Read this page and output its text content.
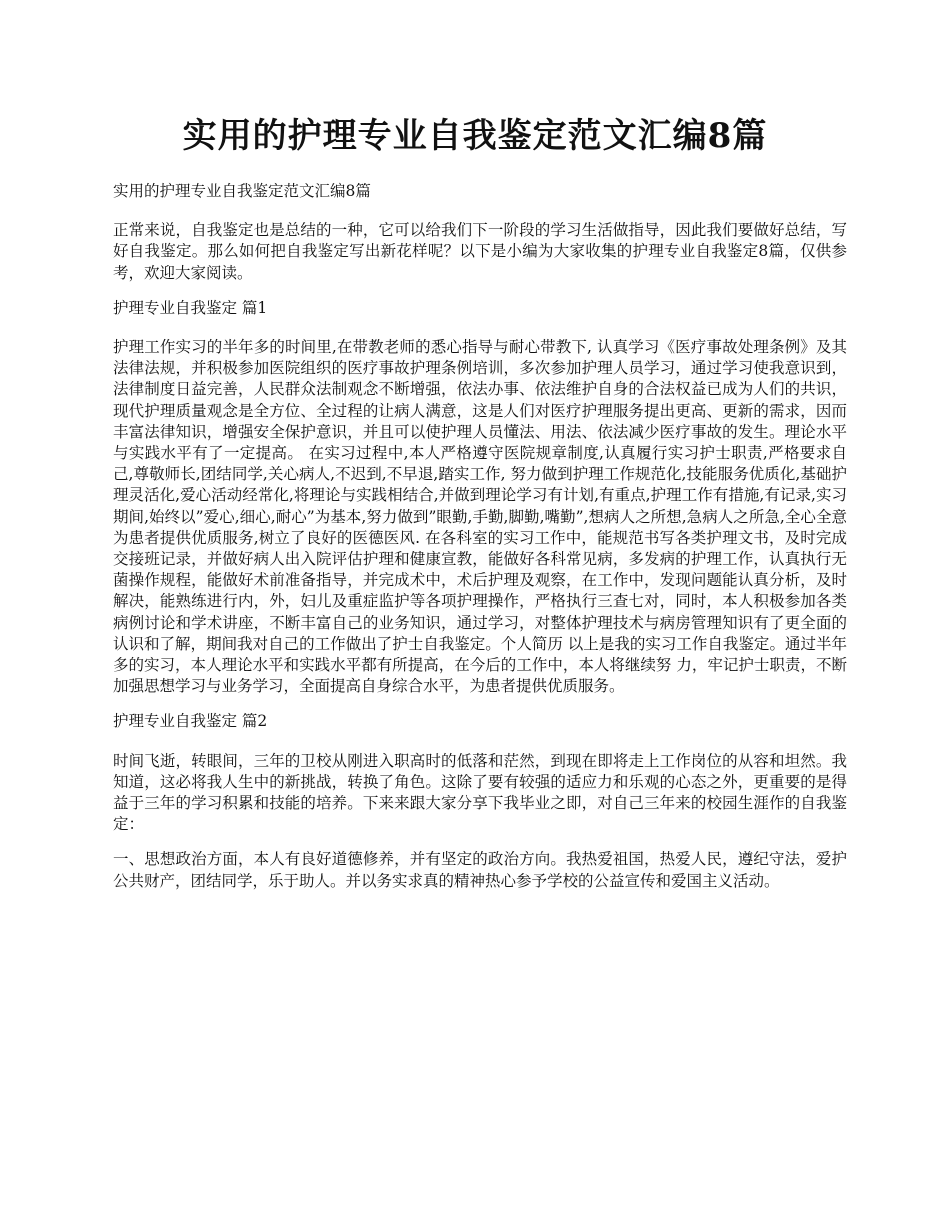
实用的护理专业自我鉴定范文汇编8篇

实用的护理专业自我鉴定范文汇编8篇

正常来说，自我鉴定也是总结的一种，它可以给我们下一阶段的学习生活做指导，因此我们要做好总结，写好自我鉴定。那么如何把自我鉴定写出新花样呢？以下是小编为大家收集的护理专业自我鉴定8篇，仅供参考，欢迎大家阅读。

护理专业自我鉴定 篇1

护理工作实习的半年多的时间里,在带教老师的悉心指导与耐心带教下, 认真学习《医疗事故处理条例》及其法律法规，并积极参加医院组织的医疗事故护理条例培训，多次参加护理人员学习，通过学习使我意识到，法律制度日益完善，人民群众法制观念不断增强，依法办事、依法维护自身的合法权益已成为人们的共识，现代护理质量观念是全方位、全过程的让病人满意，这是人们对医疗护理服务提出更高、更新的需求，因而丰富法律知识，增强安全保护意识，并且可以使护理人员懂法、用法、依法减少医疗事故的发生。理论水平与实践水平有了一定提高。 在实习过程中,本人严格遵守医院规章制度,认真履行实习护士职责,严格要求自己,尊敬师长,团结同学,关心病人,不迟到,不早退,踏实工作, 努力做到护理工作规范化,技能服务优质化,基础护理灵活化,爱心活动经常化,将理论与实践相结合,并做到理论学习有计划,有重点,护理工作有措施,有记录,实习期间,始终以”爱心,细心,耐心”为基本,努力做到”眼勤,手勤,脚勤,嘴勤”,想病人之所想,急病人之所急,全心全意为患者提供优质服务,树立了良好的医德医风. 在各科室的实习工作中，能规范书写各类护理文书，及时完成交接班记录，并做好病人出入院评估护理和健康宣教，能做好各科常见病，多发病的护理工作，认真执行无菌操作规程，能做好术前准备指导，并完成术中，术后护理及观察，在工作中，发现问题能认真分析，及时解决，能熟练进行内，外，妇儿及重症监护等各项护理操作，严格执行三查七对，同时，本人积极参加各类病例讨论和学术讲座，不断丰富自己的业务知识，通过学习，对整体护理技术与病房管理知识有了更全面的认识和了解，期间我对自己的工作做出了护士自我鉴定。个人简历 以上是我的实习工作自我鉴定。通过半年多的实习，本人理论水平和实践水平都有所提高，在今后的工作中，本人将继续努 力，牢记护士职责，不断加强思想学习与业务学习，全面提高自身综合水平，为患者提供优质服务。

护理专业自我鉴定 篇2

时间飞逝，转眼间，三年的卫校从刚进入职高时的低落和茫然，到现在即将走上工作岗位的从容和坦然。我知道，这必将我人生中的新挑战，转换了角色。这除了要有较强的适应力和乐观的心态之外，更重要的是得益于三年的学习积累和技能的培养。下来来跟大家分享下我毕业之即，对自己三年来的校园生涯作的自我鉴定：

一、思想政治方面，本人有良好道德修养，并有坚定的政治方向。我热爱祖国，热爱人民，遵纪守法，爱护公共财产，团结同学，乐于助人。并以务实求真的精神热心参予学校的公益宣传和爱国主义活动。
